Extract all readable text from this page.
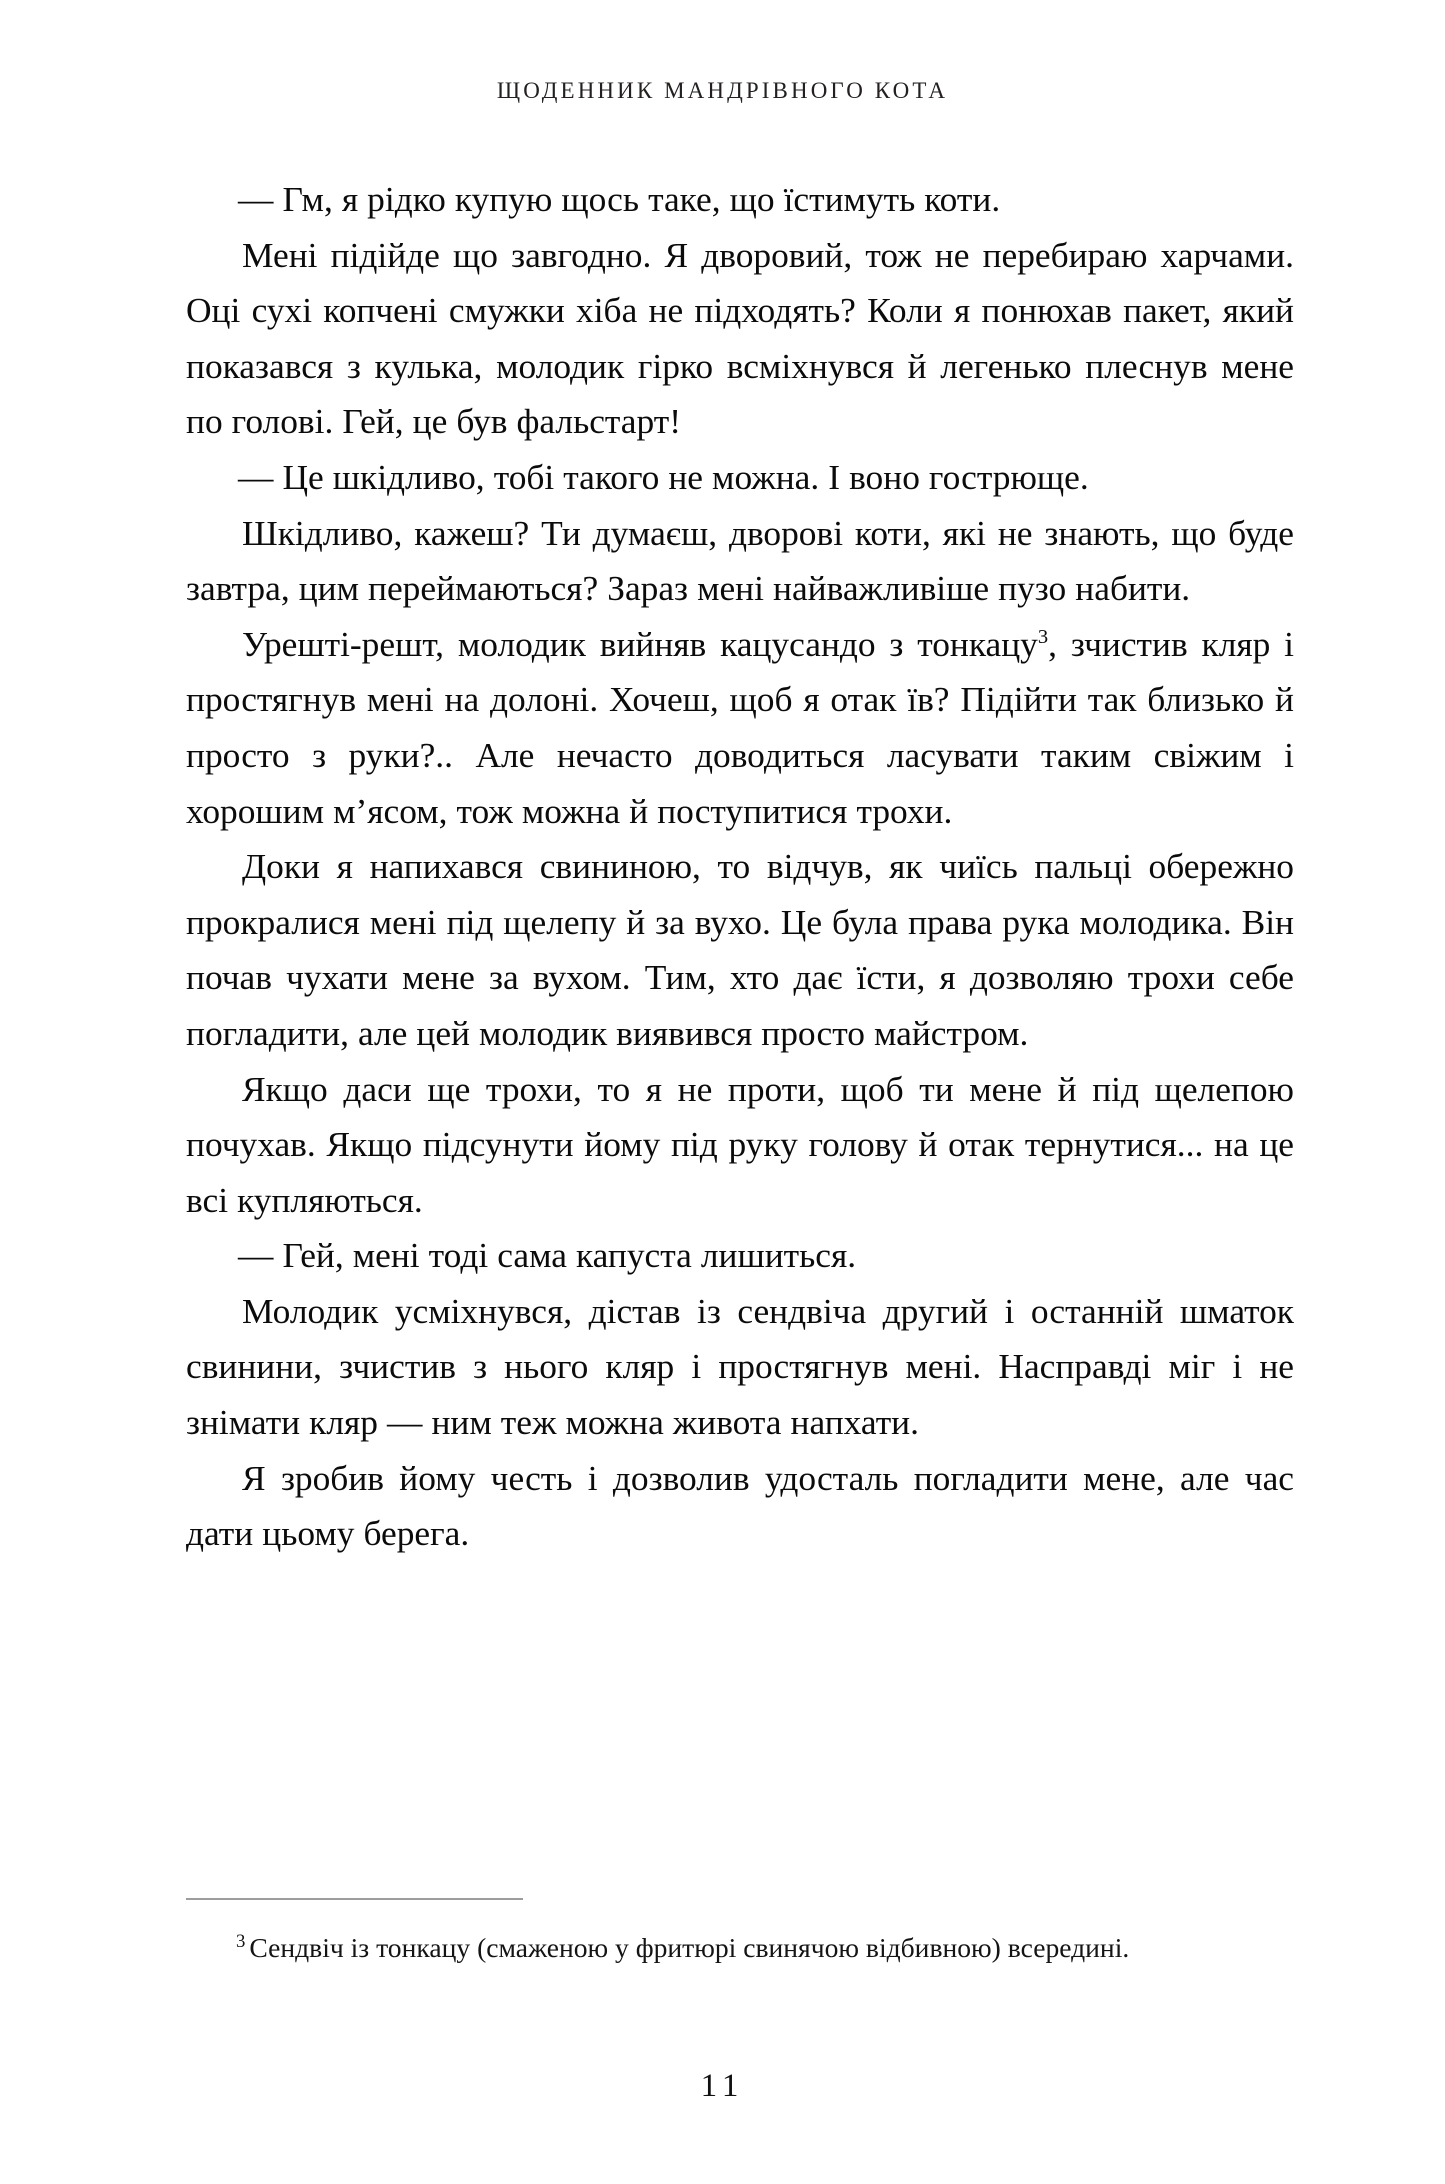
ЩОДЕННИК МАНДРІВНОГО КОТА

— Гм, я рідко купую щось таке, що їстимуть коти.

Мені підійде що завгодно. Я дворовий, тож не перебираю харчами. Оці сухі копчені смужки хіба не підходять? Коли я понюхав пакет, який показався з кулька, молодик гірко всміхнувся й легенько плеснув мене по голові. Гей, це був фальстарт!

— Це шкідливо, тобі такого не можна. І воно гострюще.

Шкідливо, кажеш? Ти думаєш, дворові коти, які не знають, що буде завтра, цим переймаються? Зараз мені найважливіше пузо набити.

Урешті-решт, молодик вийняв кацусандо з тонкацу$^3$, зчистив кляр і простягнув мені на долоні. Хочеш, щоб я отак їв? Підійти так близько й просто з руки?.. Але нечасто доводиться ласувати таким свіжим і хорошим м’ясом, тож можна й поступитися трохи.

Доки я напихався свининою, то відчув, як чиїсь пальці обережно прокралися мені під щелепу й за вухо. Це була права рука молодика. Він почав чухати мене за вухом. Тим, хто дає їсти, я дозволяю трохи себе погладити, але цей молодик виявився просто майстром.

Якщо даси ще трохи, то я не проти, щоб ти мене й під щелепою почухав. Якщо підсунути йому під руку голову й отак тернутися... на це всі купляються.

— Гей, мені тоді сама капуста лишиться.

Молодик усміхнувся, дістав із сендвіча другий і останній шматок свинини, зчистив з нього кляр і простягнув мені. Насправді міг і не знімати кляр — ним теж можна живота напхати.

Я зробив йому честь і дозволив удосталь погладити мене, але час дати цьому берега.

$^3$ Сендвіч із тонкацу (смаженою у фритюрі свинячою відбивною) всередині.

11
